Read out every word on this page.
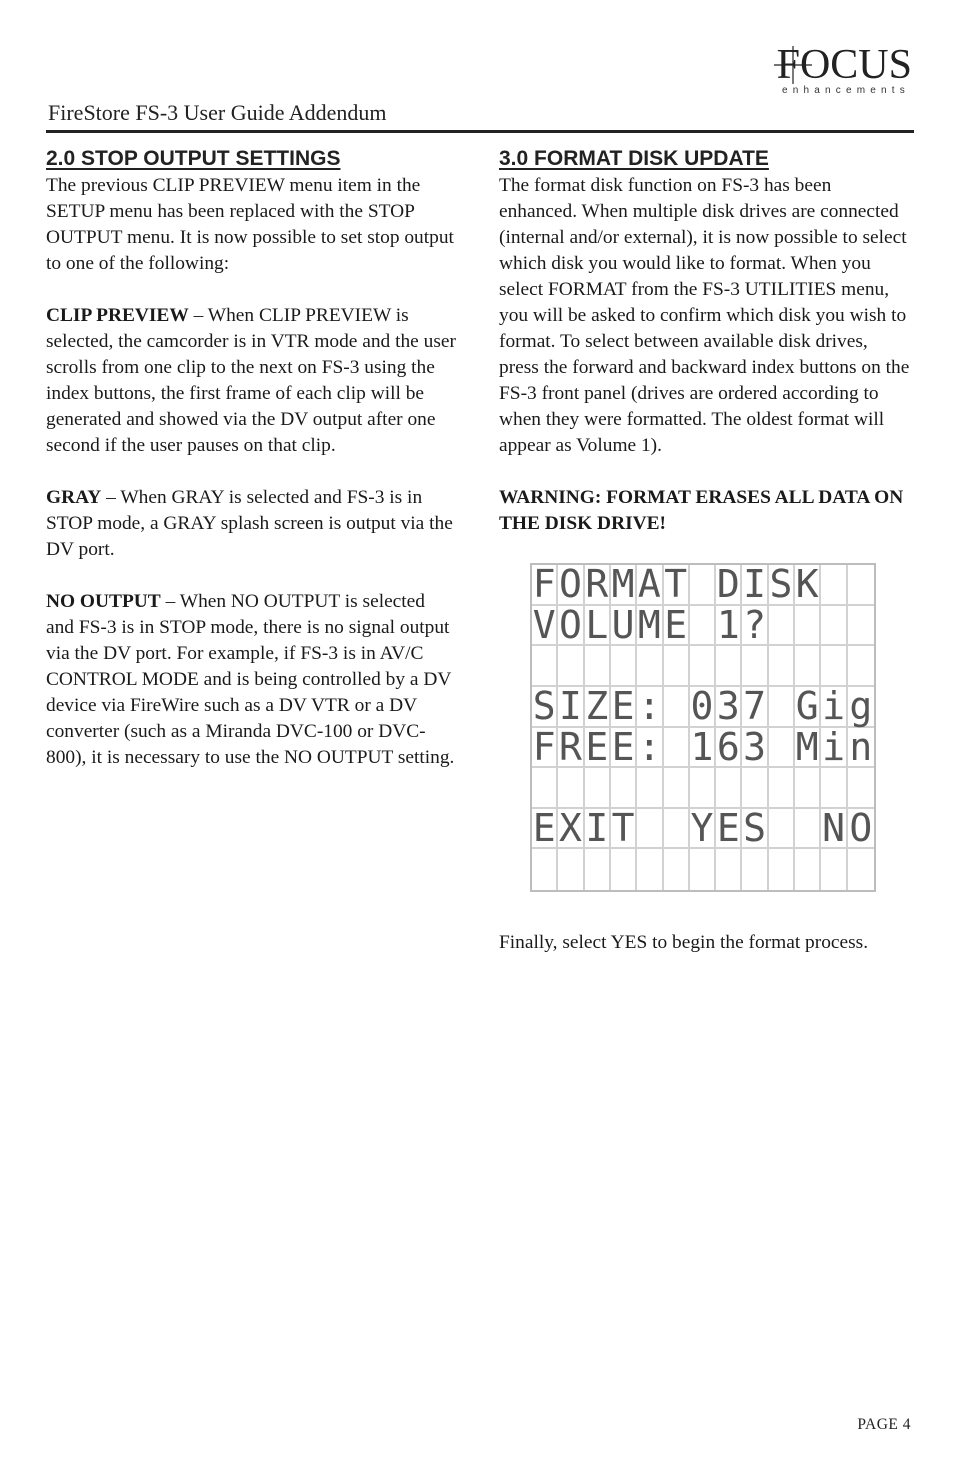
FOCUS
enhancements
FireStore FS-3 User Guide Addendum
2.0 STOP OUTPUT SETTINGS

The previous CLIP PREVIEW menu item in the SETUP menu has been replaced with the STOP OUTPUT menu. It is now possible to set stop output to one of the following:

CLIP PREVIEW – When CLIP PREVIEW is selected, the camcorder is in VTR mode and the user scrolls from one clip to the next on FS-3 using the index buttons, the first frame of each clip will be generated and showed via the DV output after one second if the user pauses on that clip.

GRAY – When GRAY is selected and FS-3 is in STOP mode, a GRAY splash screen is output via the DV port.

NO OUTPUT – When NO OUTPUT is selected and FS-3 is in STOP mode, there is no signal output via the DV port. For example, if FS-3 is in AV/C CONTROL MODE and is being controlled by a DV device via FireWire such as a DV VTR or a DV converter (such as a Miranda DVC-100 or DVC-800), it is necessary to use the NO OUTPUT setting.

3.0 FORMAT DISK UPDATE

The format disk function on FS-3 has been enhanced. When multiple disk drives are connected (internal and/or external), it is now possible to select which disk you would like to format. When you select FORMAT from the FS-3 UTILITIES menu, you will be asked to confirm which disk you wish to format. To select between available disk drives, press the forward and backward index buttons on the FS-3 front panel (drives are ordered according to when they were formatted. The oldest format will appear as Volume 1).

WARNING: FORMAT ERASES ALL DATA ON THE DISK DRIVE!

F O R M A T D I S K
V O L U M E 1 ?
S I Z E : 0 3 7 G i g
F R E E : 1 6 3 M i n
E X I T Y E S N O

Finally, select YES to begin the format process.

PAGE 4
